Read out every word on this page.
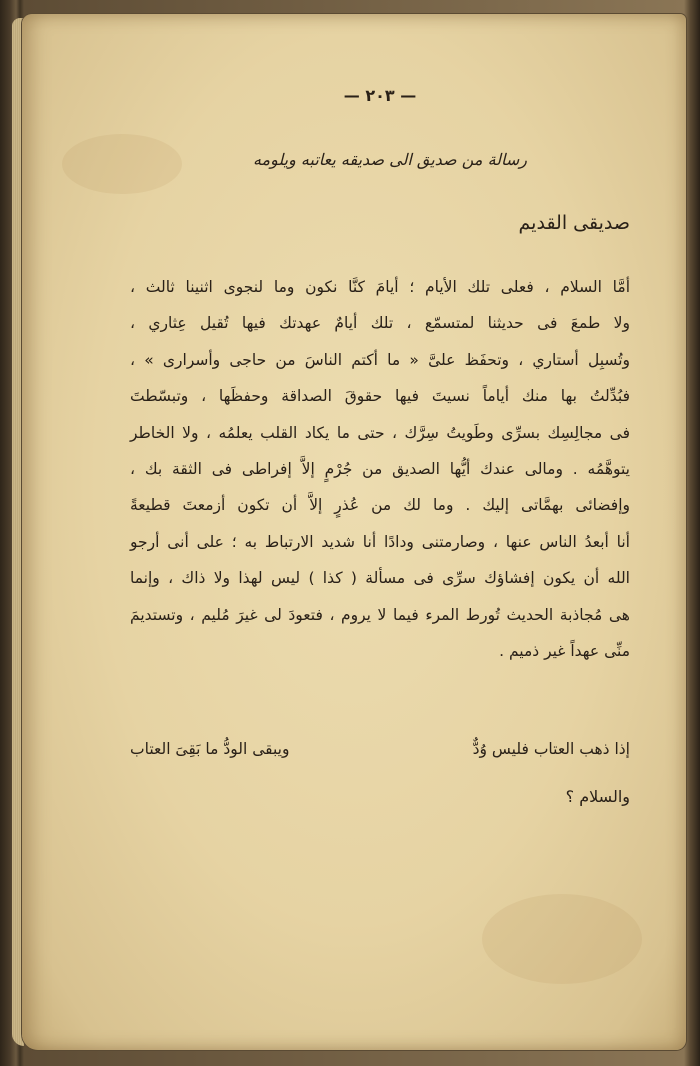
— ٢٠٣ —
رسالة من صديق الى صديقه يعاتبه ويلومه
صديقى القديم
أمَّا السلام ، فعلى تلك الأيام ؛ أيامَ كنَّا نكون وما لنجوى اثنينا ثالث ،
ولا طمعَ فى حديثنا لمتسمّع ، تلك أيامٌ عهدتك فيها تُقيل عِثاري ،
وتُسبِل أستاري ، وتحفَظ علىَّ « ما أكتم الناسَ من حاجى وأسرارى » ،
فبُدِّلتُ بها منك أياماً نسيتَ فيها حقوقَ الصداقة وحفظَها ، وتبسّطتَ
فى مجالِسِك بسرِّى وطَويتُ سِرَّك ، حتى ما يكاد القلب يعلمُه ، ولا الخاطر
يتوهَّمُه . ومالى عندك أيُّها الصديق من جُرْمٍ إلاَّ إفراطى فى الثقة بك ،
وإفضائى بهمَّاتى إليك . وما لك من عُذرٍ إلاَّ أن تكون أزمعتَ قطيعةً
أنا أبعدُ الناس عنها ، وصارمتنى ودادًا أنا شديد الارتباط به ؛ على أنى أرجو
الله أن يكون إفشاؤك سرِّى فى مسألة ( كذا ) ليس لهذا ولا ذاك ، وإنما
هى مُجاذبة الحديث تُورط المرء فيما لا يروم ، فتعودَ لى غيرَ مُليم ، وتستديمَ
منِّى عهداً غير ذميم .
إذا ذهب العتاب فليس وُدٌّ
ويبقى الودُّ ما بَقِىَ العتاب
والسلام ؟
